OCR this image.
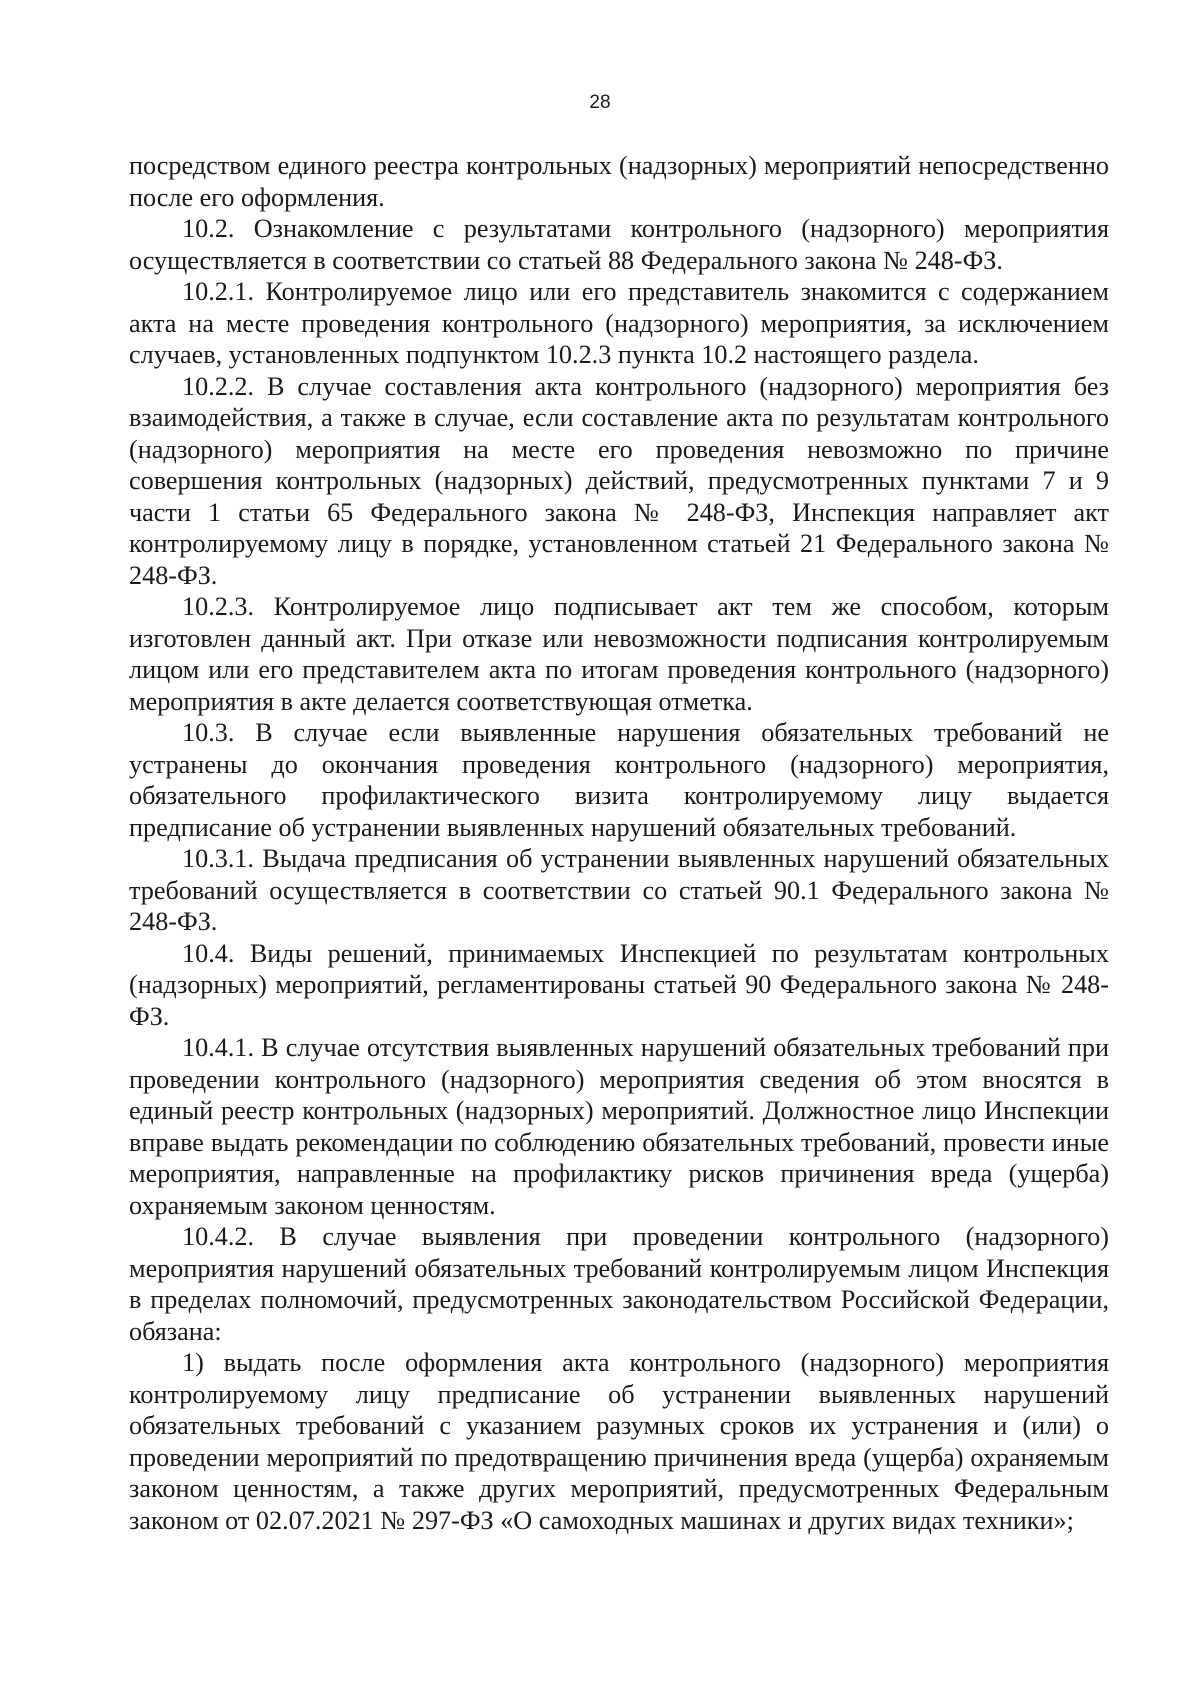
28

посредством единого реестра контрольных (надзорных) мероприятий непосредственно после его оформления.

10.2. Ознакомление с результатами контрольного (надзорного) мероприятия осуществляется в соответствии со статьей 88 Федерального закона № 248-ФЗ.

10.2.1. Контролируемое лицо или его представитель знакомится с содержанием акта на месте проведения контрольного (надзорного) мероприятия, за исключением случаев, установленных подпунктом 10.2.3 пункта 10.2 настоящего раздела.

10.2.2. В случае составления акта контрольного (надзорного) мероприятия без взаимодействия, а также в случае, если составление акта по результатам контрольного (надзорного) мероприятия на месте его проведения невозможно по причине совершения контрольных (надзорных) действий, предусмотренных пунктами 7 и 9 части 1 статьи 65 Федерального закона № 248-ФЗ, Инспекция направляет акт контролируемому лицу в порядке, установленном статьей 21 Федерального закона № 248-ФЗ.

10.2.3. Контролируемое лицо подписывает акт тем же способом, которым изготовлен данный акт. При отказе или невозможности подписания контролируемым лицом или его представителем акта по итогам проведения контрольного (надзорного) мероприятия в акте делается соответствующая отметка.

10.3. В случае если выявленные нарушения обязательных требований не устранены до окончания проведения контрольного (надзорного) мероприятия, обязательного профилактического визита контролируемому лицу выдается предписание об устранении выявленных нарушений обязательных требований.

10.3.1. Выдача предписания об устранении выявленных нарушений обязательных требований осуществляется в соответствии со статьей 90.1 Федерального закона № 248-ФЗ.

10.4. Виды решений, принимаемых Инспекцией по результатам контрольных (надзорных) мероприятий, регламентированы статьей 90 Федерального закона № 248-ФЗ.

10.4.1. В случае отсутствия выявленных нарушений обязательных требований при проведении контрольного (надзорного) мероприятия сведения об этом вносятся в единый реестр контрольных (надзорных) мероприятий. Должностное лицо Инспекции вправе выдать рекомендации по соблюдению обязательных требований, провести иные мероприятия, направленные на профилактику рисков причинения вреда (ущерба) охраняемым законом ценностям.

10.4.2. В случае выявления при проведении контрольного (надзорного) мероприятия нарушений обязательных требований контролируемым лицом Инспекция в пределах полномочий, предусмотренных законодательством Российской Федерации, обязана:

1) выдать после оформления акта контрольного (надзорного) мероприятия контролируемому лицу предписание об устранении выявленных нарушений обязательных требований с указанием разумных сроков их устранения и (или) о проведении мероприятий по предотвращению причинения вреда (ущерба) охраняемым законом ценностям, а также других мероприятий, предусмотренных Федеральным законом от 02.07.2021 № 297-ФЗ «О самоходных машинах и других видах техники»;
